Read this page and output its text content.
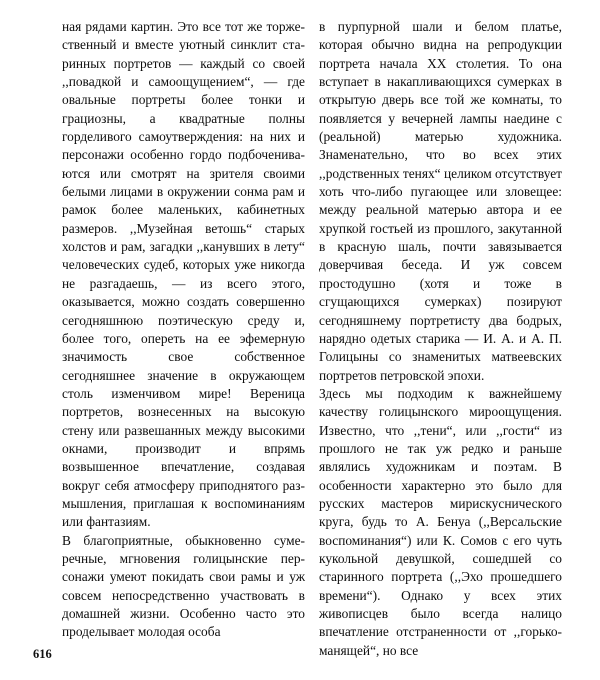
ная рядами картин. Это все тот же торжественный и вместе уютный синклит старинных портретов — каждый со своей ,,повадкой и самоощущением“, — где овальные портреты более тонки и грациозны, а квадратные полны горделивого самоутверждения: на них и персонажи особенно гордо подбочениваются или смотрят на зрителя своими белыми лицами в окружении сонма рам и рамок более маленьких, кабинетных размеров. ,,Музейная ветошь“ старых холстов и рам, загадки ,,канувших в лету“ человеческих судеб, которых уже никогда не разгадаешь, — из всего этого, оказывается, можно создать совершенно сегодняшнюю поэтическую среду и, более того, опереть на ее эфемерную значимость свое собственное сегодняшнее значение в окружающем столь изменчивом мире! Вереница портретов, вознесенных на высокую стену или развешанных между высокими окнами, производит и впрямь возвышенное впечатление, создавая вокруг себя атмосферу приподнятого размышления, приглашая к воспоминаниям или фантазиям.

В благоприятные, обыкновенно сумеречные, мгновения голицынские персонажи умеют покидать свои рамы и уж совсем непосредственно участвовать в домашней жизни. Особенно часто это проделывает молодая особа

в пурпурной шали и белом платье, которая обычно видна на репродукции портрета начала XX столетия. То она вступает в накапливающихся сумерках в открытую дверь все той же комнаты, то появляется у вечерней лампы наедине с (реальной) матерью художника. Знаменательно, что во всех этих ,,родственных тенях“ целиком отсутствует хоть что-либо пугающее или зловещее: между реальной матерью автора и ее хрупкой гостьей из прошлого, закутанной в красную шаль, почти завязывается доверчивая беседа. И уж совсем простодушно (хотя и тоже в сгущающихся сумерках) позируют сегодняшнему портретисту два бодрых, нарядно одетых старика — И. А. и А. П. Голицыны со знаменитых матвеевских портретов петровской эпохи.

Здесь мы подходим к важнейшему качеству голицынского мироощущения. Известно, что ,,тени“, или ,,гости“ из прошлого не так уж редко и раньше являлись художникам и поэтам. В особенности характерно это было для русских мастеров мирискуснического круга, будь то А. Бенуа (,,Версальские воспоминания“) или К. Сомов с его чуть кукольной девушкой, сошедшей со старинного портрета (,,Эхо прошедшего времени“). Однако у всех этих живописцев было всегда налицо впечатление отстраненности от ,,горько-манящей“, но все

616
